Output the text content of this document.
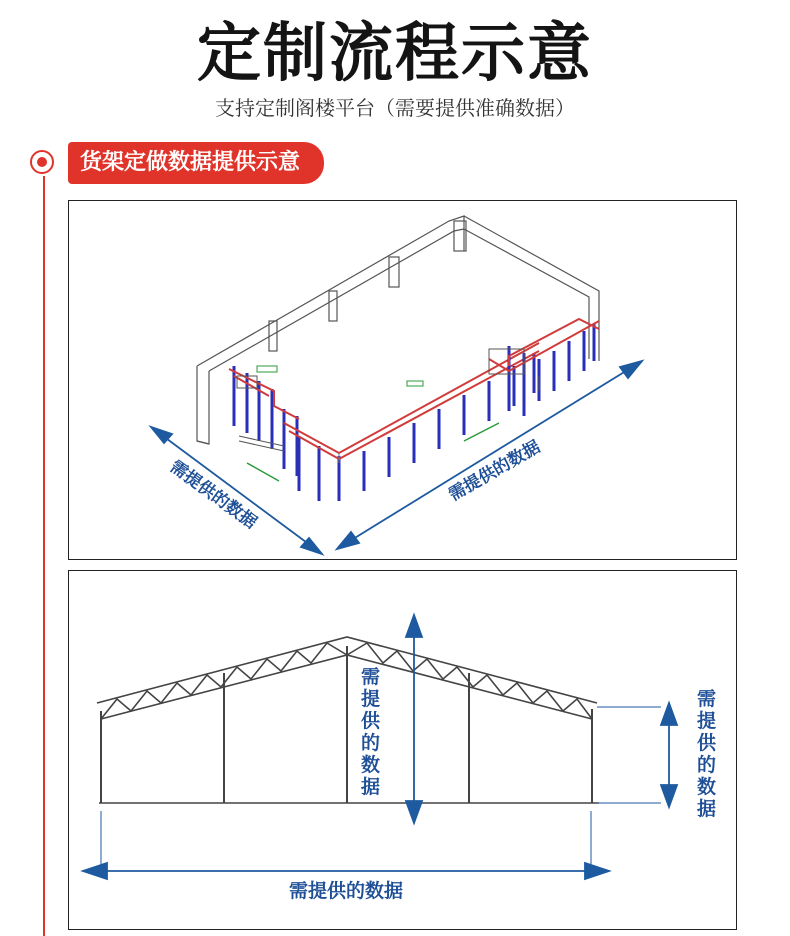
定制流程示意
支持定制阁楼平台（需要提供准确数据）
货架定做数据提供示意
需提供的数据	需提供的数据
需
提
供
的
数
据
需
提
供
的
数
据
需提供的数据
